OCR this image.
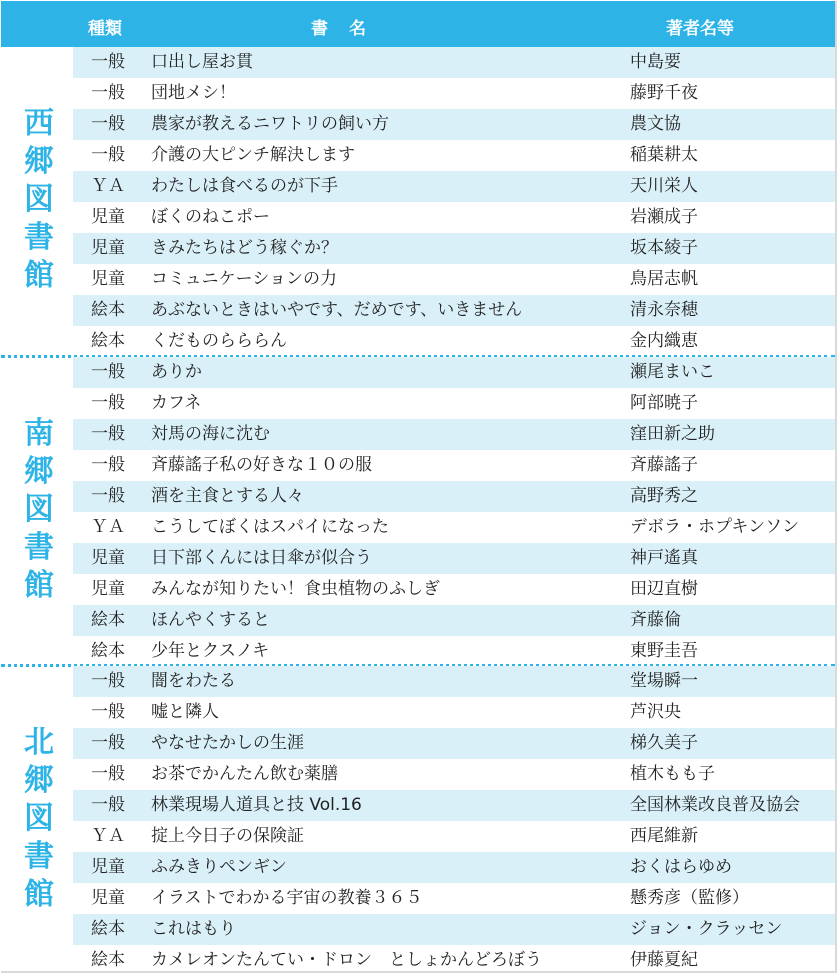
種類	書　名	著者名等
西
郷
図
書
館
一般 口出し屋お貫	中島要
一般 団地メシ！	藤野千夜
一般 農家が教えるニワトリの飼い方	農文協
一般 介護の大ピンチ解決します	稲葉耕太
ＹＡ わたしは食べるのが下手	天川栄人
児童 ぼくのねこポー	岩瀬成子
児童 きみたちはどう稼ぐか？	坂本綾子
児童 コミュニケーションの力	鳥居志帆
絵本 あぶないときはいやです、だめです、いきません	清永奈穂
絵本 くだものらららん	金内織恵
南
郷
図
書
館
一般 ありか	瀬尾まいこ
一般 カフネ	阿部暁子
一般 対馬の海に沈む	窪田新之助
一般 斉藤謠子私の好きな１０の服	斉藤謠子
一般 酒を主食とする人々	高野秀之
ＹＡ こうしてぼくはスパイになった	デボラ・ホプキンソン
児童 日下部くんには日傘が似合う	神戸遙真
児童 みんなが知りたい！食虫植物のふしぎ	田辺直樹
絵本 ほんやくすると	斉藤倫
絵本 少年とクスノキ	東野圭吾
北
郷
図
書
館
一般 闇をわたる	堂場瞬一
一般 嘘と隣人	芦沢央
一般 やなせたかしの生涯	梯久美子
一般 お茶でかんたん飲む薬膳	植木もも子
一般 林業現場人道具と技 Vol.16	全国林業改良普及協会
ＹＡ 掟上今日子の保険証	西尾維新
児童 ふみきりペンギン	おくはらゆめ
児童 イラストでわかる宇宙の教養３６５	懸秀彦（監修）
絵本 これはもり	ジョン・クラッセン
絵本 カメレオンたんてい・ドロン　としょかんどろぼう	伊藤夏紀
